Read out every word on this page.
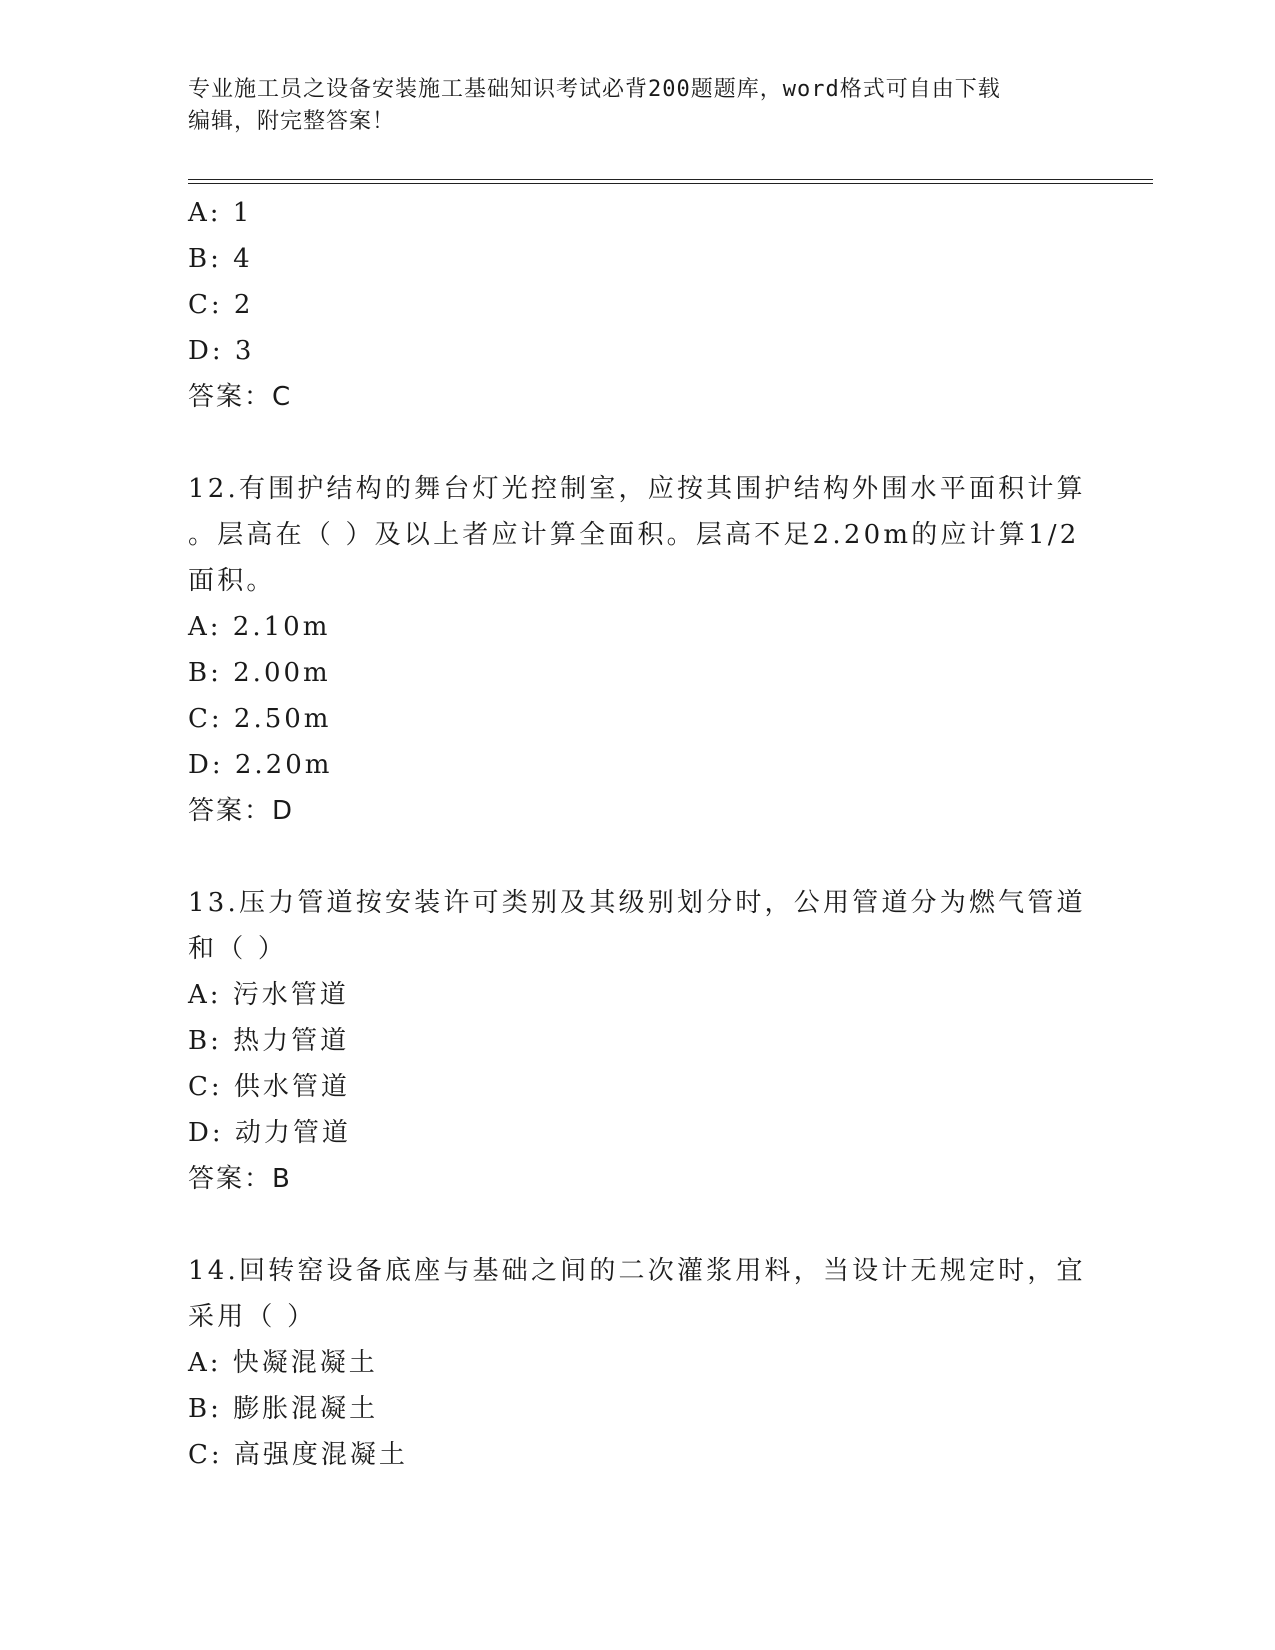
专业施工员之设备安装施工基础知识考试必背200题题库，word格式可自由下载
编辑，附完整答案！
A: 1
B: 4
C: 2
D: 3
答案：C
12.有围护结构的舞台灯光控制室，应按其围护结构外围水平面积计算
。层高在（ ）及以上者应计算全面积。层高不足2.20m的应计算1/2
面积。
A: 2.10m
B: 2.00m
C: 2.50m
D: 2.20m
答案：D
13.压力管道按安装许可类别及其级别划分时，公用管道分为燃气管道
和（ ）
A: 污水管道
B: 热力管道
C: 供水管道
D: 动力管道
答案：B
14.回转窑设备底座与基础之间的二次灌浆用料，当设计无规定时，宜
采用（ ）
A: 快凝混凝土
B: 膨胀混凝土
C: 高强度混凝土
